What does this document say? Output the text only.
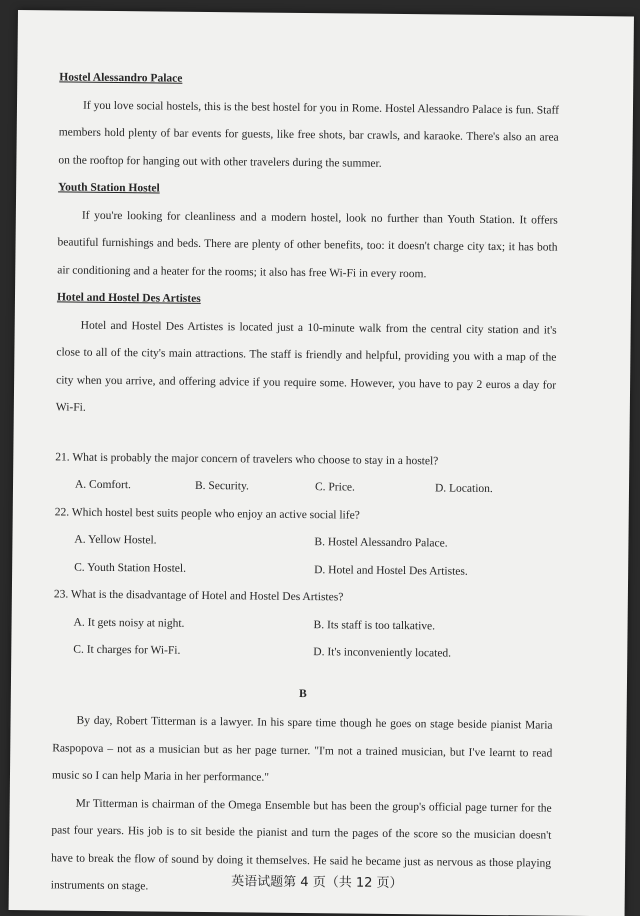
Hostel Alessandro Palace

If you love social hostels, this is the best hostel for you in Rome. Hostel Alessandro Palace is fun. Staff members hold plenty of bar events for guests, like free shots, bar crawls, and karaoke. There's also an area on the rooftop for hanging out with other travelers during the summer.

Youth Station Hostel

If you're looking for cleanliness and a modern hostel, look no further than Youth Station. It offers beautiful furnishings and beds. There are plenty of other benefits, too: it doesn't charge city tax; it has both air conditioning and a heater for the rooms; it also has free Wi-Fi in every room.

Hotel and Hostel Des Artistes

Hotel and Hostel Des Artistes is located just a 10-minute walk from the central city station and it's close to all of the city's main attractions. The staff is friendly and helpful, providing you with a map of the city when you arrive, and offering advice if you require some. However, you have to pay 2 euros a day for Wi-Fi.

21. What is probably the major concern of travelers who choose to stay in a hostel?

A. Comfort.	B. Security.	C. Price.	D. Location.

22. Which hostel best suits people who enjoy an active social life?

A. Yellow Hostel.	B. Hostel Alessandro Palace.
C. Youth Station Hostel.	D. Hotel and Hostel Des Artistes.

23. What is the disadvantage of Hotel and Hostel Des Artistes?

A. It gets noisy at night.	B. Its staff is too talkative.
C. It charges for Wi-Fi.	D. It's inconveniently located.

B

By day, Robert Titterman is a lawyer. In his spare time though he goes on stage beside pianist Maria Raspopova – not as a musician but as her page turner. "I'm not a trained musician, but I've learnt to read music so I can help Maria in her performance."

Mr Titterman is chairman of the Omega Ensemble but has been the group's official page turner for the past four years. His job is to sit beside the pianist and turn the pages of the score so the musician doesn't have to break the flow of sound by doing it themselves. He said he became just as nervous as those playing instruments on stage.	英语试题第 4 页（共 12 页）
